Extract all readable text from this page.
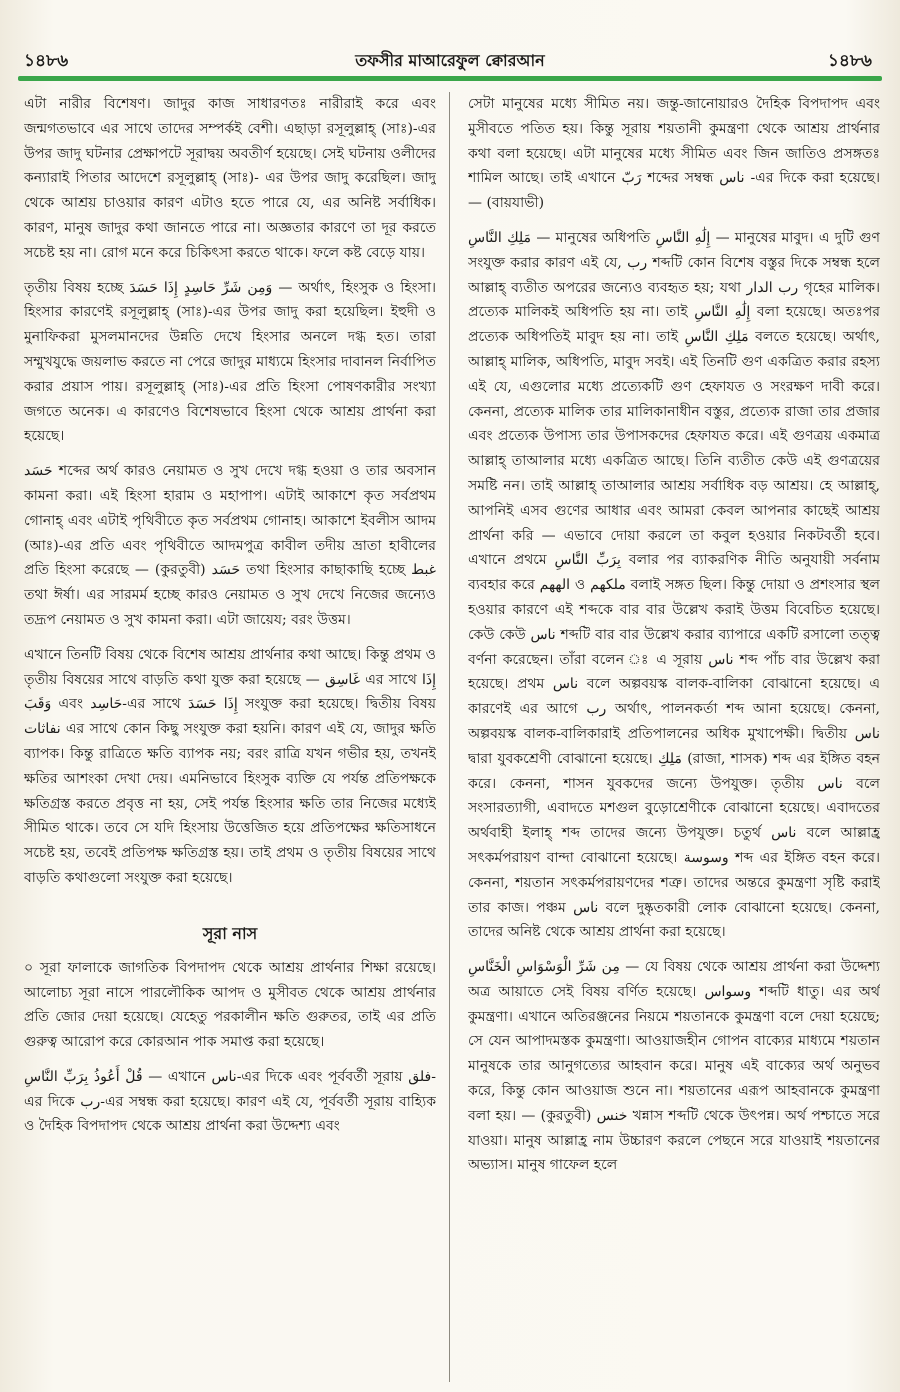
১৪৮৬	তফসীর মাআরেফুল ক্বোরআন	১৪৮৬

এটা নারীর বিশেষণ। জাদুর কাজ সাধারণতঃ নারীরাই করে এবং জন্মগতভাবে এর সাথে তাদের সম্পর্কই বেশী। এছাড়া রসূলুল্লাহ্ (সাঃ)-এর উপর জাদু ঘটনার প্রেক্ষাপটে সূরাদ্বয় অবতীর্ণ হয়েছে। সেই ঘটনায় ওলীদের কন্যারাই পিতার আদেশে রসূলুল্লাহ্ (সাঃ)- এর উপর জাদু করেছিল। জাদু থেকে আশ্রয় চাওয়ার কারণ এটাও হতে পারে যে, এর অনিষ্ট সর্বাধিক। কারণ, মানুষ জাদুর কথা জানতে পারে না। অজ্ঞতার কারণে তা দূর করতে সচেষ্ট হয় না। রোগ মনে করে চিকিৎসা করতে থাকে। ফলে কষ্ট বেড়ে যায়।

তৃতীয় বিষয় হচ্ছে وَمِن شَرِّ حَاسِدٍ إِذَا حَسَدَ — অর্থাৎ, হিংসুক ও হিংসা। হিংসার কারণেই রসূলুল্লাহ্ (সাঃ)-এর উপর জাদু করা হয়েছিল। ইহুদী ও মুনাফিকরা মুসলমানদের উন্নতি দেখে হিংসার অনলে দগ্ধ হত। তারা সম্মুখযুদ্ধে জয়লাভ করতে না পেরে জাদুর মাধ্যমে হিংসার দাবানল নির্বাপিত করার প্রয়াস পায়। রসূলুল্লাহ্ (সাঃ)-এর প্রতি হিংসা পোষণকারীর সংখ্যা জগতে অনেক। এ কারণেও বিশেষভাবে হিংসা থেকে আশ্রয় প্রার্থনা করা হয়েছে।

حَسَد শব্দের অর্থ কারও নেয়ামত ও সুখ দেখে দগ্ধ হওয়া ও তার অবসান কামনা করা। এই হিংসা হারাম ও মহাপাপ। এটাই আকাশে কৃত সর্বপ্রথম গোনাহ্ এবং এটাই পৃথিবীতে কৃত সর্বপ্রথম গোনাহ। আকাশে ইবলীস আদম (আঃ)-এর প্রতি এবং পৃথিবীতে আদমপুত্র কাবীল তদীয় ভ্রাতা হাবীলের প্রতি হিংসা করেছে — (কুরতুবী) حَسَد তথা হিংসার কাছাকাছি হচ্ছে غبط তথা ঈর্ষা। এর সারমর্ম হচ্ছে কারও নেয়ামত ও সুখ দেখে নিজের জন্যেও তদ্রূপ নেয়ামত ও সুখ কামনা করা। এটা জায়েয; বরং উত্তম।

এখানে তিনটি বিষয় থেকে বিশেষ আশ্রয় প্রার্থনার কথা আছে। কিন্তু প্রথম ও তৃতীয় বিষয়ের সাথে বাড়তি কথা যুক্ত করা হয়েছে — غَاسِق এর সাথে إِذَا وَقَبَ এবং حَاسِد-এর সাথে إِذَا حَسَدَ সংযুক্ত করা হয়েছে। দ্বিতীয় বিষয় نفاثات এর সাথে কোন কিছু সংযুক্ত করা হয়নি। কারণ এই যে, জাদুর ক্ষতি ব্যাপক। কিন্তু রাত্রিতে ক্ষতি ব্যাপক নয়; বরং রাত্রি যখন গভীর হয়, তখনই ক্ষতির আশংকা দেখা দেয়। এমনিভাবে হিংসুক ব্যক্তি যে পর্যন্ত প্রতিপক্ষকে ক্ষতিগ্রস্ত করতে প্রবৃত্ত না হয়, সেই পর্যন্ত হিংসার ক্ষতি তার নিজের মধ্যেই সীমিত থাকে। তবে সে যদি হিংসায় উত্তেজিত হয়ে প্রতিপক্ষের ক্ষতিসাধনে সচেষ্ট হয়, তবেই প্রতিপক্ষ ক্ষতিগ্রস্ত হয়। তাই প্রথম ও তৃতীয় বিষয়ের সাথে বাড়তি কথাগুলো সংযুক্ত করা হয়েছে।

সূরা নাস

০ সূরা ফালাকে জাগতিক বিপদাপদ থেকে আশ্রয় প্রার্থনার শিক্ষা রয়েছে। আলোচ্য সূরা নাসে পারলৌকিক আপদ ও মুসীবত থেকে আশ্রয় প্রার্থনার প্রতি জোর দেয়া হয়েছে। যেহেতু পরকালীন ক্ষতি গুরুতর, তাই এর প্রতি গুরুত্ব আরোপ করে কোরআন পাক সমাপ্ত করা হয়েছে।

قُلْ أَعُوذُ بِرَبِّ النَّاسِ — এখানে ناس-এর দিকে এবং পূর্ববর্তী সূরায় فلق-এর দিকে رب-এর সম্বন্ধ করা হয়েছে। কারণ এই যে, পূর্ববর্তী সূরায় বাহ্যিক ও দৈহিক বিপদাপদ থেকে আশ্রয় প্রার্থনা করা উদ্দেশ্য এবং

সেটা মানুষের মধ্যে সীমিত নয়। জন্তু-জানোয়ারও দৈহিক বিপদাপদ এবং মুসীবতে পতিত হয়। কিন্তু সূরায় শয়তানী কুমন্ত্রণা থেকে আশ্রয় প্রার্থনার কথা বলা হয়েছে। এটা মানুষের মধ্যে সীমিত এবং জিন জাতিও প্রসঙ্গতঃ শামিল আছে। তাই এখানে رَبّ শব্দের সম্বন্ধ ناس -এর দিকে করা হয়েছে। — (বায়যাভী)

مَلِكِ النَّاسِ — মানুষের অধিপতি إِلَٰهِ النَّاسِ — মানুষের মাবুদ। এ দুটি গুণ সংযুক্ত করার কারণ এই যে, رب শব্দটি কোন বিশেষ বস্তুর দিকে সম্বন্ধ হলে আল্লাহ্ ব্যতীত অপরের জন্যেও ব্যবহৃত হয়; যথা رب الدار গৃহের মালিক। প্রত্যেক মালিকই অধিপতি হয় না। তাই إِلَٰهِ النَّاسِ বলা হয়েছে। অতঃপর প্রত্যেক অধিপতিই মাবুদ হয় না। তাই مَلِكِ النَّاسِ বলতে হয়েছে। অর্থাৎ, আল্লাহ্ মালিক, অধিপতি, মাবুদ সবই। এই তিনটি গুণ একত্রিত করার রহস্য এই যে, এগুলোর মধ্যে প্রত্যেকটি গুণ হেফাযত ও সংরক্ষণ দাবী করে। কেননা, প্রত্যেক মালিক তার মালিকানাধীন বস্তুর, প্রত্যেক রাজা তার প্রজার এবং প্রত্যেক উপাস্য তার উপাসকদের হেফাযত করে। এই গুণত্রয় একমাত্র আল্লাহ্ তাআলার মধ্যে একত্রিত আছে। তিনি ব্যতীত কেউ এই গুণত্রয়ের সমষ্টি নন। তাই আল্লাহ্ তাআলার আশ্রয় সর্বাধিক বড় আশ্রয়। হে আল্লাহ্, আপনিই এসব গুণের আধার এবং আমরা কেবল আপনার কাছেই আশ্রয় প্রার্থনা করি — এভাবে দোয়া করলে তা কবুল হওয়ার নিকটবর্তী হবে। এখানে প্রথমে بِرَبِّ النَّاسِ বলার পর ব্যাকরণিক নীতি অনুযায়ী সর্বনাম ব্যবহার করে الههم ও ملكهم বলাই সঙ্গত ছিল। কিন্তু দোয়া ও প্রশংসার স্থল হওয়ার কারণে এই শব্দকে বার বার উল্লেখ করাই উত্তম বিবেচিত হয়েছে। কেউ কেউ ناس শব্দটি বার বার উল্লেখ করার ব্যাপারে একটি রসালো তত্ত্ব বর্ণনা করেছেন। তাঁরা বলেন ঃ এ সূরায় ناس শব্দ পাঁচ বার উল্লেখ করা হয়েছে। প্রথম ناس বলে অল্পবয়স্ক বালক-বালিকা বোঝানো হয়েছে। এ কারণেই এর আগে رب অর্থাৎ, পালনকর্তা শব্দ আনা হয়েছে। কেননা, অল্পবয়স্ক বালক-বালিকারাই প্রতিপালনের অধিক মুখাপেক্ষী। দ্বিতীয় ناس দ্বারা যুবকশ্রেণী বোঝানো হয়েছে। مَلِكِ (রাজা, শাসক) শব্দ এর ইঙ্গিত বহন করে। কেননা, শাসন যুবকদের জন্যে উপযুক্ত। তৃতীয় ناس বলে সংসারত্যাগী, এবাদতে মশগুল বুড়োশ্রেণীকে বোঝানো হয়েছে। এবাদতের অর্থবাহী ইলাহ্ শব্দ তাদের জন্যে উপযুক্ত। চতুর্থ ناس বলে আল্লাহ্র সৎকর্মপরায়ণ বান্দা বোঝানো হয়েছে। وسوسة শব্দ এর ইঙ্গিত বহন করে। কেননা, শয়তান সৎকর্মপরায়ণদের শত্রু। তাদের অন্তরে কুমন্ত্রণা সৃষ্টি করাই তার কাজ। পঞ্চম ناس বলে দুষ্কৃতকারী লোক বোঝানো হয়েছে। কেননা, তাদের অনিষ্ট থেকে আশ্রয় প্রার্থনা করা হয়েছে।

مِن شَرِّ الْوَسْوَاسِ الْخَنَّاسِ — যে বিষয় থেকে আশ্রয় প্রার্থনা করা উদ্দেশ্য অত্র আয়াতে সেই বিষয় বর্ণিত হয়েছে। وسواس শব্দটি ধাতু। এর অর্থ কুমন্ত্রণা। এখানে অতিরঞ্জনের নিয়মে শয়তানকে কুমন্ত্রণা বলে দেয়া হয়েছে; সে যেন আপাদমস্তক কুমন্ত্রণা। আওয়াজহীন গোপন বাক্যের মাধ্যমে শয়তান মানুষকে তার আনুগত্যের আহবান করে। মানুষ এই বাক্যের অর্থ অনুভব করে, কিন্তু কোন আওয়াজ শুনে না। শয়তানের এরূপ আহবানকে কুমন্ত্রণা বলা হয়। — (কুরতুবী) خنس খন্নাস শব্দটি থেকে উৎপন্ন। অর্থ পশ্চাতে সরে যাওয়া। মানুষ আল্লাহ্র নাম উচ্চারণ করলে পেছনে সরে যাওয়াই শয়তানের অভ্যাস। মানুষ গাফেল হলে
